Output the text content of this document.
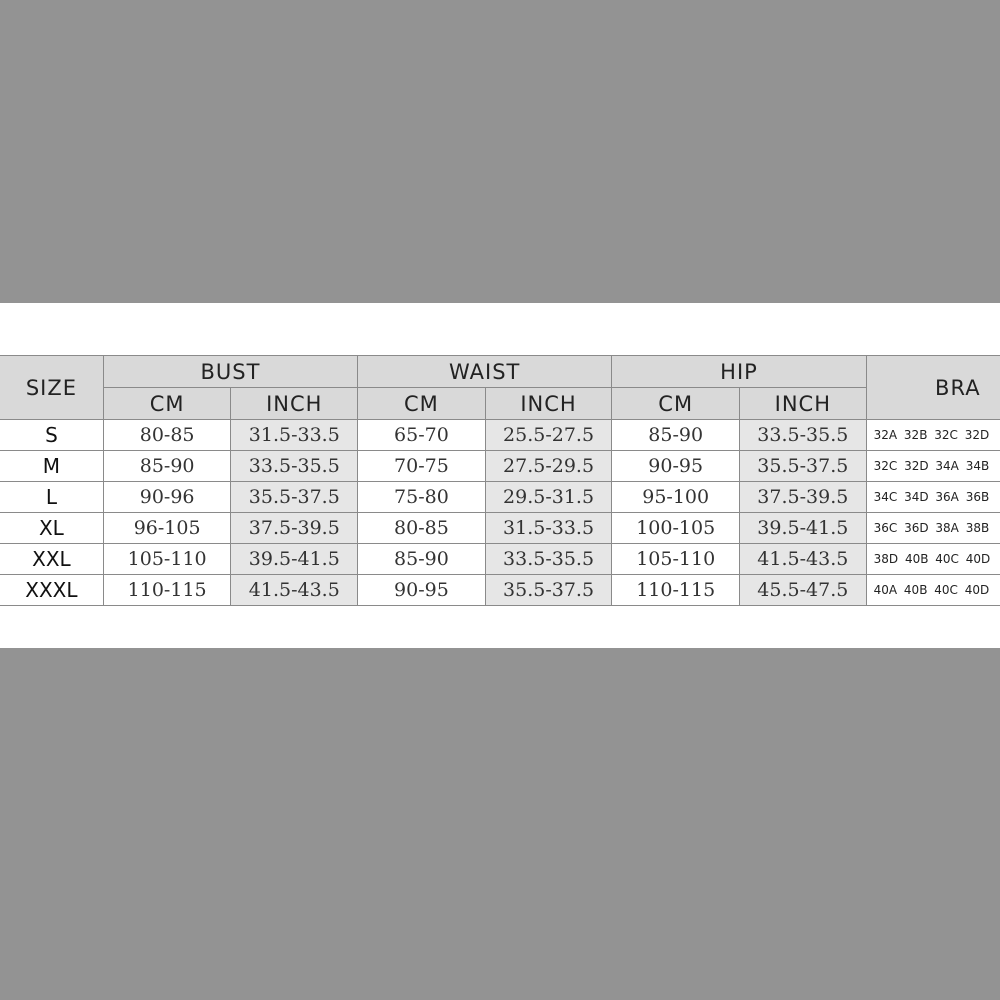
SIZE	BUST		WAIST		HIP		BRA
	CM	INCH	CM	INCH	CM	INCH	
S	80-85	31.5-33.5	65-70	25.5-27.5	85-90	33.5-35.5	32A 32B 32C 32D
M	85-90	33.5-35.5	70-75	27.5-29.5	90-95	35.5-37.5	32C 32D 34A 34B
L	90-96	35.5-37.5	75-80	29.5-31.5	95-100	37.5-39.5	34C 34D 36A 36B
XL	96-105	37.5-39.5	80-85	31.5-33.5	100-105	39.5-41.5	36C 36D 38A 38B
XXL	105-110	39.5-41.5	85-90	33.5-35.5	105-110	41.5-43.5	38D 40B 40C 40D
XXXL	110-115	41.5-43.5	90-95	35.5-37.5	110-115	45.5-47.5	40A 40B 40C 40D
